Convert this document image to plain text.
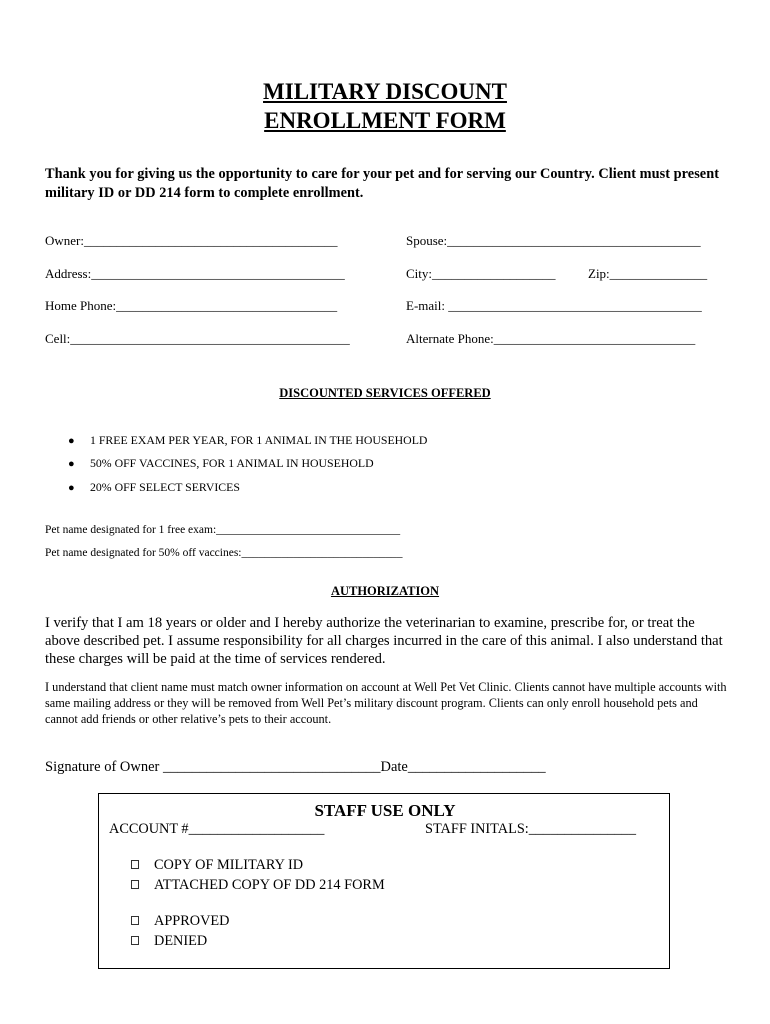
MILITARY DISCOUNT
ENROLLMENT FORM
Thank you for giving us the opportunity to care for your pet and for serving our Country. Client must present military ID or DD 214 form to complete enrollment.
Owner:_______________________________________	Spouse:_______________________________________
Address:_______________________________________	City:___________________ Zip:_______________
Home Phone:__________________________________	E-mail: _______________________________________
Cell:___________________________________________	Alternate Phone:_______________________________
DISCOUNTED SERVICES OFFERED
● 1 FREE EXAM PER YEAR, FOR 1 ANIMAL IN THE HOUSEHOLD
● 50% OFF VACCINES, FOR 1 ANIMAL IN HOUSEHOLD
● 20% OFF SELECT SERVICES
Pet name designated for 1 free exam:________________________________
Pet name designated for 50% off vaccines:____________________________
AUTHORIZATION
I verify that I am 18 years or older and I hereby authorize the veterinarian to examine, prescribe for, or treat the above described pet. I assume responsibility for all charges incurred in the care of this animal. I also understand that these charges will be paid at the time of services rendered.
I understand that client name must match owner information on account at Well Pet Vet Clinic. Clients cannot have multiple accounts with same mailing address or they will be removed from Well Pet’s military discount program. Clients can only enroll household pets and cannot add friends or other relative’s pets to their account.
Signature of Owner ______________________________Date___________________
STAFF USE ONLY
ACCOUNT #___________________	STAFF INITALS:_______________
COPY OF MILITARY ID
ATTACHED COPY OF DD 214 FORM
APPROVED
DENIED
